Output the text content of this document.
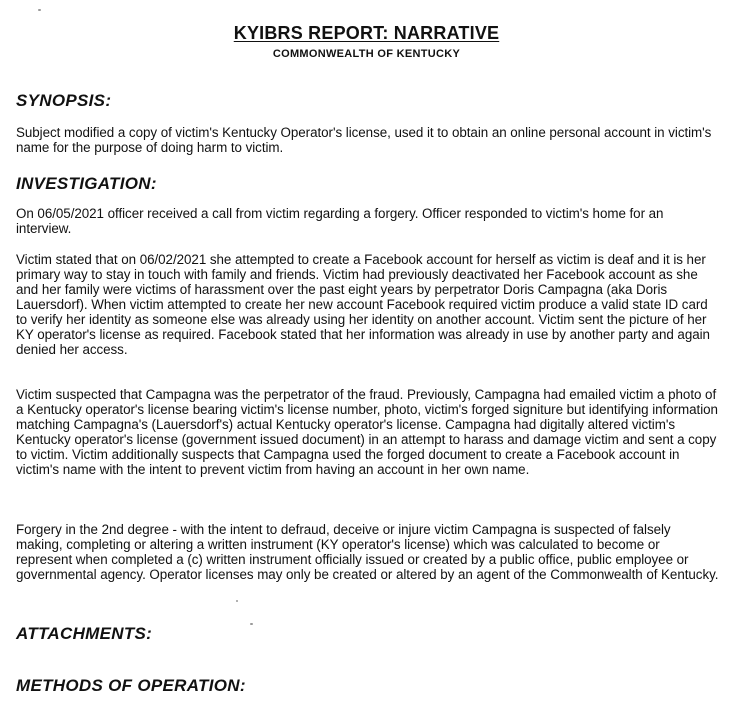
KYIBRS REPORT: NARRATIVE
COMMONWEALTH OF KENTUCKY
SYNOPSIS:

Subject modified a copy of victim's Kentucky Operator's license, used it to obtain an online personal account in victim's name for the purpose of doing harm to victim.

INVESTIGATION:

On 06/05/2021 officer received a call from victim regarding a forgery. Officer responded to victim's home for an interview.

Victim stated that on 06/02/2021 she attempted to create a Facebook account for herself as victim is deaf and it is her primary way to stay in touch with family and friends. Victim had previously deactivated her Facebook account as she and her family were victims of harassment over the past eight years by perpetrator Doris Campagna (aka Doris Lauersdorf). When victim attempted to create her new account Facebook required victim produce a valid state ID card to verify her identity as someone else was already using her identity on another account. Victim sent the picture of her KY operator's license as required. Facebook stated that her information was already in use by another party and again denied her access.

Victim suspected that Campagna was the perpetrator of the fraud. Previously, Campagna had emailed victim a photo of a Kentucky operator's license bearing victim's license number, photo, victim's forged signiture but identifying information matching Campagna's (Lauersdorf's) actual Kentucky operator's license. Campagna had digitally altered victim's Kentucky operator's license (government issued document) in an attempt to harass and damage victim and sent a copy to victim. Victim additionally suspects that Campagna used the forged document to create a Facebook account in victim's name with the intent to prevent victim from having an account in her own name.

Forgery in the 2nd degree - with the intent to defraud, deceive or injure victim Campagna is suspected of falsely making, completing or altering a written instrument (KY operator's license) which was calculated to become or represent when completed a (c) written instrument officially issued or created by a public office, public employee or governmental agency. Operator licenses may only be created or altered by an agent of the Commonwealth of Kentucky.

ATTACHMENTS:
METHODS OF OPERATION:
